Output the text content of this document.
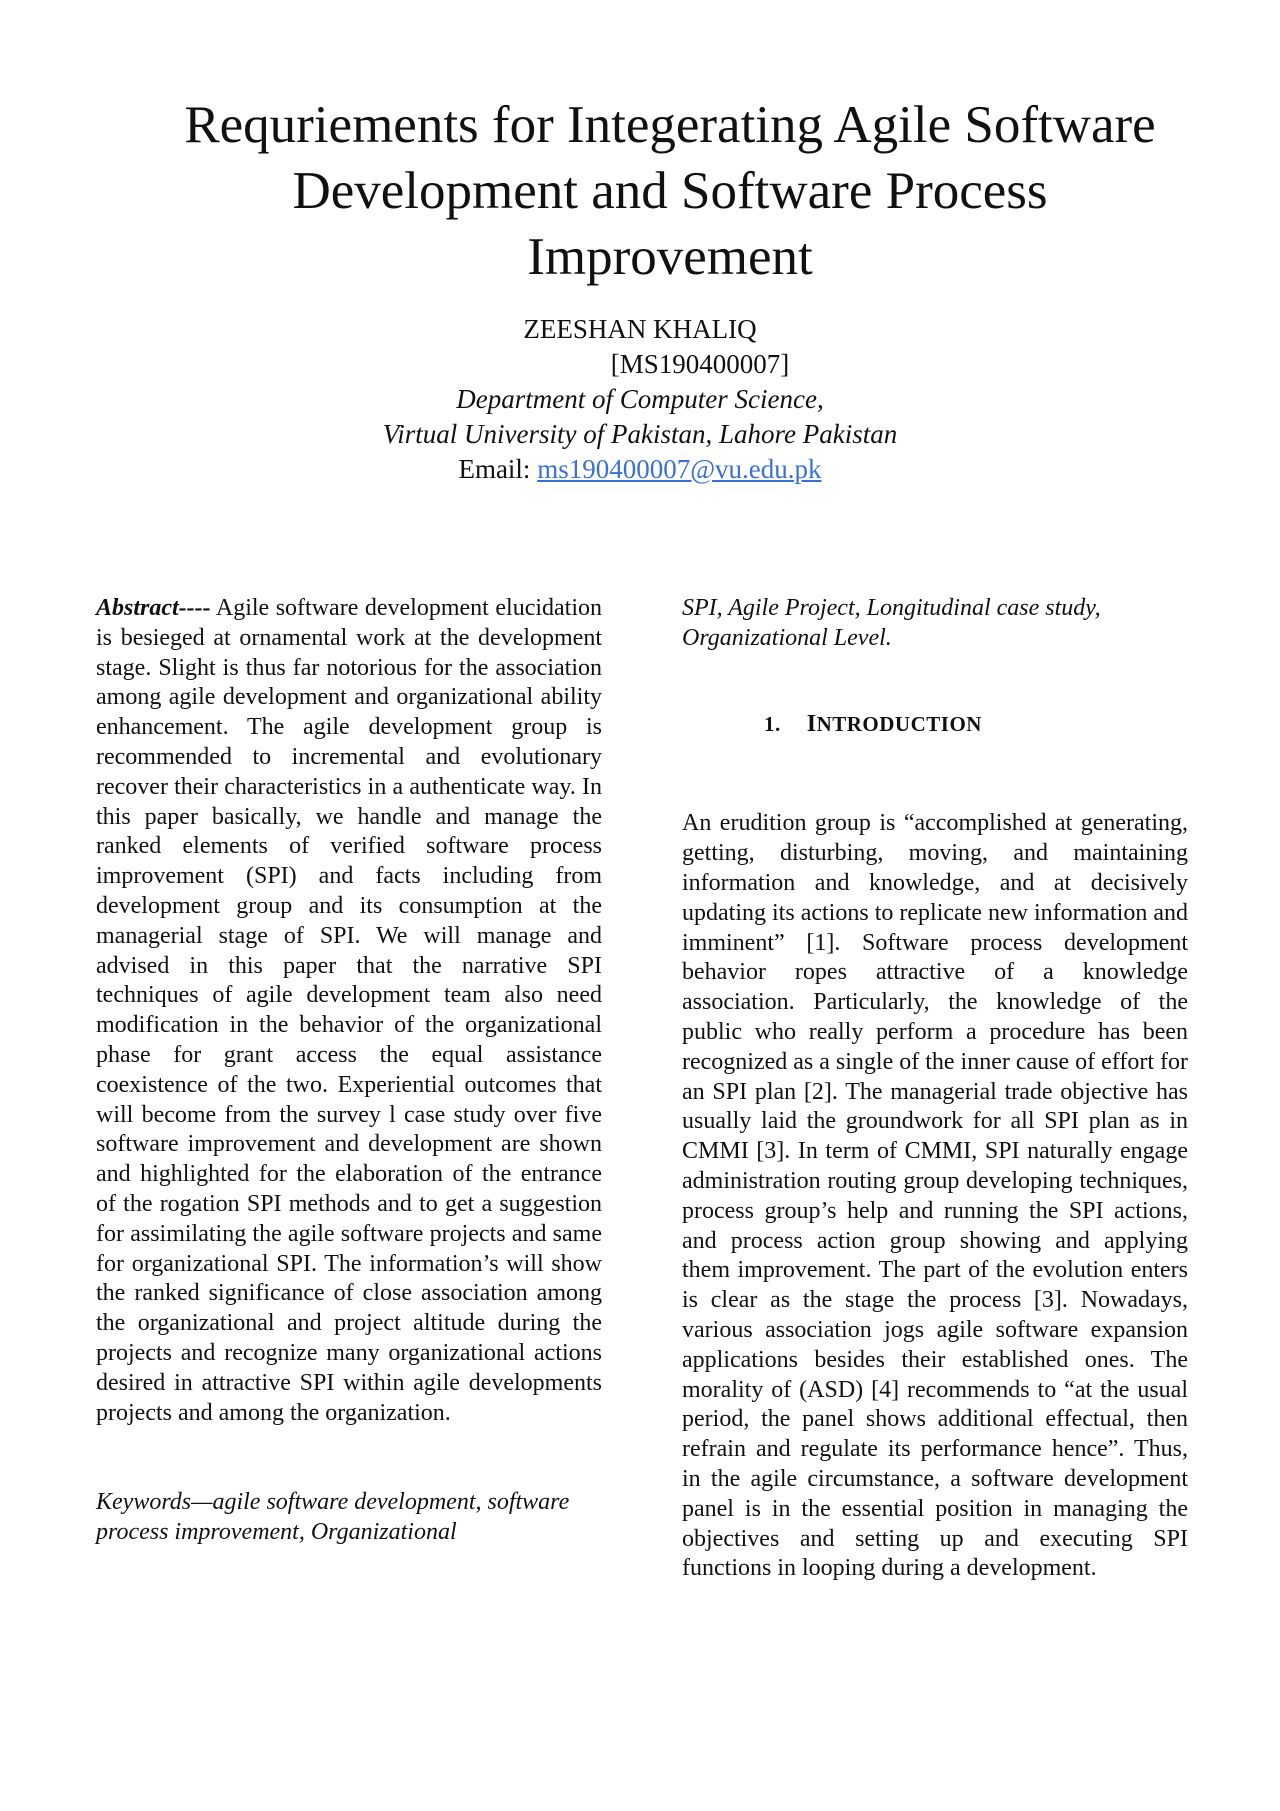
Requriements for Integerating Agile Software
Development and Software Process
Improvement
ZEESHAN KHALIQ
[MS190400007]
Department of Computer Science,
Virtual University of Pakistan, Lahore Pakistan
Email: ms190400007@vu.edu.pk

Abstract---- Agile software development elucidation is besieged at ornamental work at the development stage. Slight is thus far notorious for the association among agile development and organizational ability enhancement. The agile development group is recommended to incremental and evolutionary recover their characteristics in a authenticate way. In this paper basically, we handle and manage the ranked elements of verified software process improvement (SPI) and facts including from development group and its consumption at the managerial stage of SPI. We will manage and advised in this paper that the narrative SPI techniques of agile development team also need modification in the behavior of the organizational phase for grant access the equal assistance coexistence of the two. Experiential outcomes that will become from the survey l case study over five software improvement and development are shown and highlighted for the elaboration of the entrance of the rogation SPI methods and to get a suggestion for assimilating the agile software projects and same for organizational SPI. The information’s will show the ranked significance of close association among the organizational and project altitude during the projects and recognize many organizational actions desired in attractive SPI within agile developments projects and among the organization.

Keywords—agile software development, software process improvement, Organizational

SPI, Agile Project, Longitudinal case study, Organizational Level.

1. INTRODUCTION

An erudition group is “accomplished at generating, getting, disturbing, moving, and maintaining information and knowledge, and at decisively updating its actions to replicate new information and imminent” [1]. Software process development behavior ropes attractive of a knowledge association. Particularly, the knowledge of the public who really perform a procedure has been recognized as a single of the inner cause of effort for an SPI plan [2]. The managerial trade objective has usually laid the groundwork for all SPI plan as in CMMI [3]. In term of CMMI, SPI naturally engage administration routing group developing techniques, process group’s help and running the SPI actions, and process action group showing and applying them improvement. The part of the evolution enters is clear as the stage the process [3]. Nowadays, various association jogs agile software expansion applications besides their established ones. The morality of (ASD) [4] recommends to “at the usual period, the panel shows additional effectual, then refrain and regulate its performance hence”. Thus, in the agile circumstance, a software development panel is in the essential position in managing the objectives and setting up and executing SPI functions in looping during a development.
